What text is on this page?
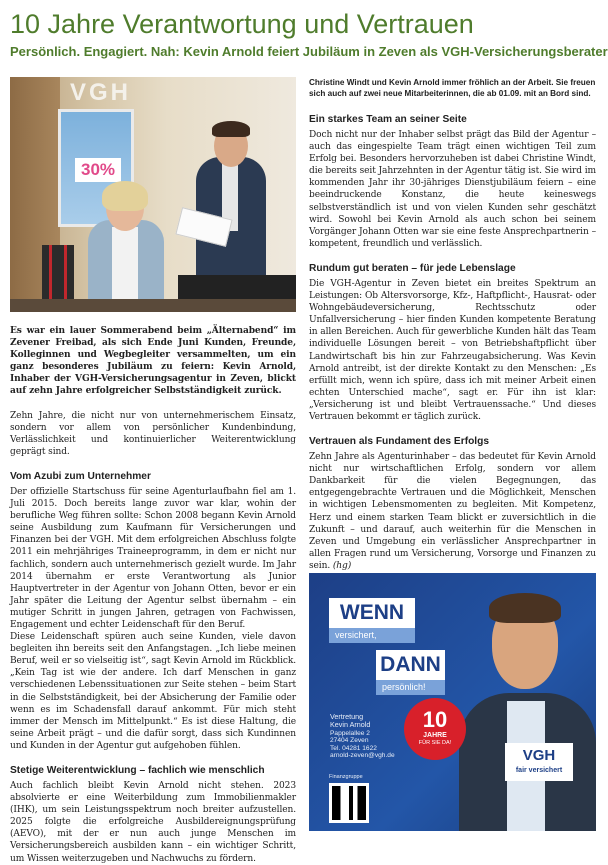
10 Jahre Verantwortung und Vertrauen
Persönlich. Engagiert. Nah: Kevin Arnold feiert Jubiläum in Zeven als VGH-Versicherungsberater
VGH
30%

Es war ein lauer Sommerabend beim „Älternabend“ im Zevener Freibad, als sich Ende Juni Kunden, Freunde, Kolleginnen und Wegbegleiter versammelten, um ein ganz besonderes Jubiläum zu feiern: Kevin Arnold, Inhaber der VGH-Versicherungsagentur in Zeven, blickt auf zehn Jahre erfolgreicher Selbstständigkeit zurück.

Zehn Jahre, die nicht nur von unternehmerischem Einsatz, sondern vor allem von persönlicher Kundenbindung, Verlässlichkeit und kontinuierlicher Weiterentwicklung geprägt sind.

Vom Azubi zum Unternehmer

Der offizielle Startschuss für seine Agenturlaufbahn fiel am 1. Juli 2015. Doch bereits lange zuvor war klar, wohin der berufliche Weg führen sollte: Schon 2008 begann Kevin Arnold seine Ausbildung zum Kaufmann für Versicherungen und Finanzen bei der VGH. Mit dem erfolgreichen Abschluss folgte 2011 ein mehrjähriges Traineeprogramm, in dem er nicht nur fachlich, sondern auch unternehmerisch gezielt wurde. Im Jahr 2014 übernahm er erste Verantwortung als Junior Hauptvertreter in der Agentur von Johann Otten, bevor er ein Jahr später die Leitung der Agentur selbst übernahm – ein mutiger Schritt in jungen Jahren, getragen von Fachwissen, Engagement und echter Leidenschaft für den Beruf.

Diese Leidenschaft spüren auch seine Kunden, viele davon begleiten ihn bereits seit den Anfangstagen. „Ich liebe meinen Beruf, weil er so vielseitig ist“, sagt Kevin Arnold im Rückblick. „Kein Tag ist wie der andere. Ich darf Menschen in ganz verschiedenen Lebenssituationen zur Seite stehen – beim Start in die Selbstständigkeit, bei der Absicherung der Familie oder wenn es im Schadensfall darauf ankommt. Für mich steht immer der Mensch im Mittelpunkt.“ Es ist diese Haltung, die seine Arbeit prägt – und die dafür sorgt, dass sich Kundinnen und Kunden in der Agentur gut aufgehoben fühlen.

Stetige Weiterentwicklung – fachlich wie menschlich

Auch fachlich bleibt Kevin Arnold nicht stehen. 2023 absolvierte er eine Weiterbildung zum Immobilienmakler (IHK), um sein Leistungsspektrum noch breiter aufzustellen. 2025 folgte die erfolgreiche Ausbildereignungsprüfung (AEVO), mit der er nun auch junge Menschen im Versicherungsbereich ausbilden kann – ein wichtiger Schritt, um Wissen weiterzugeben und Nachwuchs zu fördern.

Christine Windt und Kevin Arnold immer fröhlich an der Arbeit. Sie freuen sich auch auf zwei neue Mitarbeiterinnen, die ab 01.09. mit an Bord sind.
Ein starkes Team an seiner Seite

Doch nicht nur der Inhaber selbst prägt das Bild der Agentur – auch das eingespielte Team trägt einen wichtigen Teil zum Erfolg bei. Besonders hervorzuheben ist dabei Christine Windt, die bereits seit Jahrzehnten in der Agentur tätig ist. Sie wird im kommenden Jahr ihr 30-jähriges Dienstjubiläum feiern – eine beeindruckende Konstanz, die heute keineswegs selbstverständlich ist und von vielen Kunden sehr geschätzt wird. Sowohl bei Kevin Arnold als auch schon bei seinem Vorgänger Johann Otten war sie eine feste Ansprechpartnerin – kompetent, freundlich und verlässlich.

Rundum gut beraten – für jede Lebenslage

Die VGH-Agentur in Zeven bietet ein breites Spektrum an Leistungen: Ob Altersvorsorge, Kfz-, Haftpflicht-, Hausrat- oder Wohngebäudeversicherung, Rechtsschutz oder Unfallversicherung – hier finden Kunden kompetente Beratung in allen Bereichen. Auch für gewerbliche Kunden hält das Team individuelle Lösungen bereit – von Betriebshaftpflicht über Landwirtschaft bis hin zur Fahrzeugabsicherung. Was Kevin Arnold antreibt, ist der direkte Kontakt zu den Menschen: „Es erfüllt mich, wenn ich spüre, dass ich mit meiner Arbeit einen echten Unterschied mache“, sagt er. Für ihn ist klar: „Versicherung ist und bleibt Vertrauenssache.“ Und dieses Vertrauen bekommt er täglich zurück.

Vertrauen als Fundament des Erfolgs

Zehn Jahre als Agenturinhaber – das bedeutet für Kevin Arnold nicht nur wirtschaftlichen Erfolg, sondern vor allem Dankbarkeit für die vielen Begegnungen, das entgegengebrachte Vertrauen und die Möglichkeit, Menschen in wichtigen Lebensmomenten zu begleiten. Mit Kompetenz, Herz und einem starken Team blickt er zuversichtlich in die Zukunft – und darauf, auch weiterhin für die Menschen in Zeven und Umgebung ein verlässlicher Ansprechpartner in allen Fragen rund um Versicherung, Vorsorge und Finanzen zu sein. (hg)

WENN
versichert,
DANN
persönlich!
Vertretung
Kevin Arnold
Pappelallee 2
27404 Zeven
Tel. 04281 1622
arnold-zeven@vgh.de
10
JAHRE
FÜR SIE DA!
Finanzgruppe
VGH
fair versichert
